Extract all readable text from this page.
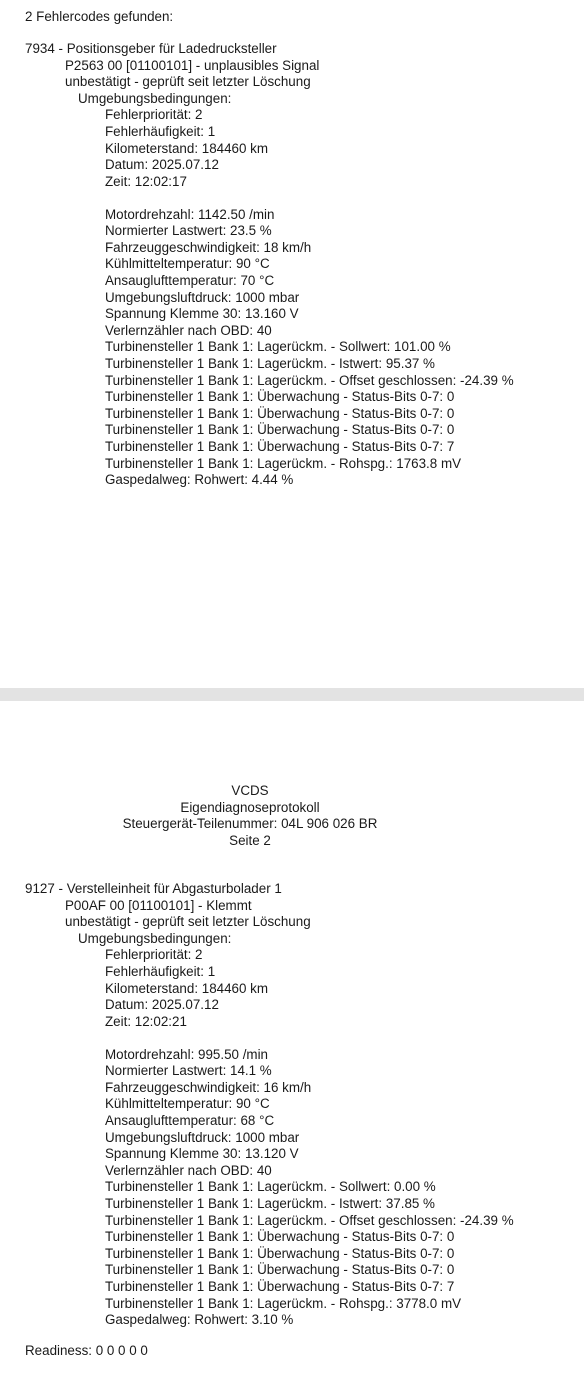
2 Fehlercodes gefunden:
7934 - Positionsgeber für Ladedrucksteller
P2563 00 [01100101] - unplausibles Signal
unbestätigt - geprüft seit letzter Löschung
Umgebungsbedingungen:
Fehlerpriorität: 2
Fehlerhäufigkeit: 1
Kilometerstand: 184460 km
Datum: 2025.07.12
Zeit: 12:02:17
Motordrehzahl: 1142.50 /min
Normierter Lastwert: 23.5 %
Fahrzeuggeschwindigkeit: 18 km/h
Kühlmitteltemperatur: 90 °C
Ansauglufttemperatur: 70 °C
Umgebungsluftdruck: 1000 mbar
Spannung Klemme 30: 13.160 V
Verlernzähler nach OBD: 40
Turbinensteller 1 Bank 1: Lagerückm. - Sollwert: 101.00 %
Turbinensteller 1 Bank 1: Lagerückm. - Istwert: 95.37 %
Turbinensteller 1 Bank 1: Lagerückm. - Offset geschlossen: -24.39 %
Turbinensteller 1 Bank 1: Überwachung - Status-Bits 0-7: 0
Turbinensteller 1 Bank 1: Überwachung - Status-Bits 0-7: 0
Turbinensteller 1 Bank 1: Überwachung - Status-Bits 0-7: 0
Turbinensteller 1 Bank 1: Überwachung - Status-Bits 0-7: 7
Turbinensteller 1 Bank 1: Lagerückm. - Rohspg.: 1763.8 mV
Gaspedalweg: Rohwert: 4.44 %
VCDS
Eigendiagnoseprotokoll
Steuergerät-Teilenummer: 04L 906 026 BR
Seite 2
9127 - Verstelleinheit für Abgasturbolader 1
P00AF 00 [01100101] - Klemmt
unbestätigt - geprüft seit letzter Löschung
Umgebungsbedingungen:
Fehlerpriorität: 2
Fehlerhäufigkeit: 1
Kilometerstand: 184460 km
Datum: 2025.07.12
Zeit: 12:02:21
Motordrehzahl: 995.50 /min
Normierter Lastwert: 14.1 %
Fahrzeuggeschwindigkeit: 16 km/h
Kühlmitteltemperatur: 90 °C
Ansauglufttemperatur: 68 °C
Umgebungsluftdruck: 1000 mbar
Spannung Klemme 30: 13.120 V
Verlernzähler nach OBD: 40
Turbinensteller 1 Bank 1: Lagerückm. - Sollwert: 0.00 %
Turbinensteller 1 Bank 1: Lagerückm. - Istwert: 37.85 %
Turbinensteller 1 Bank 1: Lagerückm. - Offset geschlossen: -24.39 %
Turbinensteller 1 Bank 1: Überwachung - Status-Bits 0-7: 0
Turbinensteller 1 Bank 1: Überwachung - Status-Bits 0-7: 0
Turbinensteller 1 Bank 1: Überwachung - Status-Bits 0-7: 0
Turbinensteller 1 Bank 1: Überwachung - Status-Bits 0-7: 7
Turbinensteller 1 Bank 1: Lagerückm. - Rohspg.: 3778.0 mV
Gaspedalweg: Rohwert: 3.10 %
Readiness: 0 0 0 0 0
